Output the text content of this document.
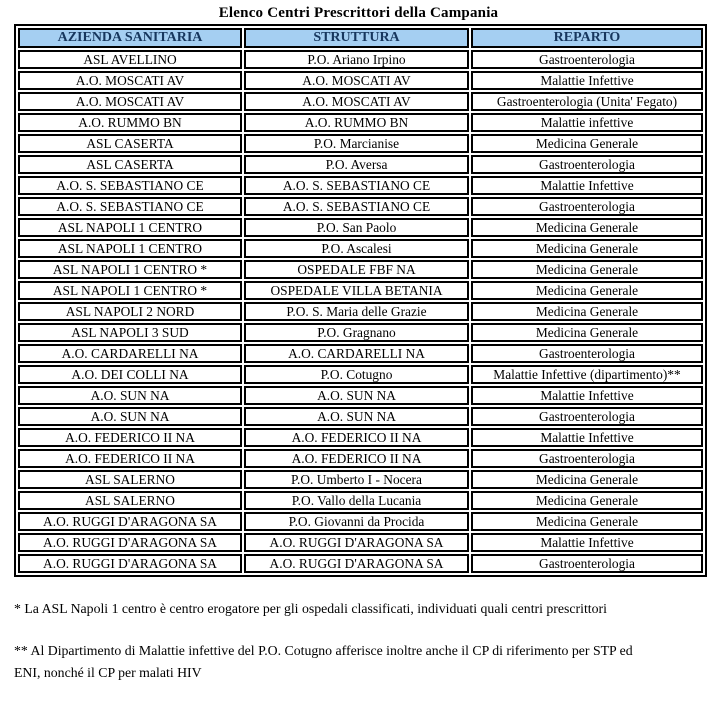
Elenco Centri Prescrittori della Campania
AZIENDA SANITARIA	STRUTTURA	REPARTO
ASL AVELLINO	P.O. Ariano Irpino	Gastroenterologia
A.O. MOSCATI AV	A.O. MOSCATI AV	Malattie Infettive
A.O. MOSCATI AV	A.O. MOSCATI AV	Gastroenterologia (Unita' Fegato)
A.O. RUMMO BN	A.O. RUMMO BN	Malattie infettive
ASL CASERTA	P.O. Marcianise	Medicina Generale
ASL CASERTA	P.O. Aversa	Gastroenterologia
A.O. S. SEBASTIANO CE	A.O. S. SEBASTIANO CE	Malattie Infettive
A.O. S. SEBASTIANO CE	A.O. S. SEBASTIANO CE	Gastroenterologia
ASL NAPOLI 1 CENTRO	P.O. San Paolo	Medicina Generale
ASL NAPOLI 1 CENTRO	P.O. Ascalesi	Medicina Generale
ASL NAPOLI 1 CENTRO *	OSPEDALE FBF NA	Medicina Generale
ASL NAPOLI 1 CENTRO *	OSPEDALE VILLA BETANIA	Medicina Generale
ASL NAPOLI 2 NORD	P.O. S. Maria delle Grazie	Medicina Generale
ASL NAPOLI 3 SUD	P.O. Gragnano	Medicina Generale
A.O. CARDARELLI NA	A.O. CARDARELLI NA	Gastroenterologia
A.O. DEI COLLI NA	P.O. Cotugno	Malattie Infettive (dipartimento)**
A.O. SUN NA	A.O. SUN NA	Malattie Infettive
A.O. SUN NA	A.O. SUN NA	Gastroenterologia
A.O. FEDERICO II NA	A.O. FEDERICO II NA	Malattie Infettive
A.O. FEDERICO II NA	A.O. FEDERICO II NA	Gastroenterologia
ASL SALERNO	P.O. Umberto I - Nocera	Medicina Generale
ASL SALERNO	P.O. Vallo della Lucania	Medicina Generale
A.O. RUGGI D'ARAGONA SA	P.O. Giovanni da Procida	Medicina Generale
A.O. RUGGI D'ARAGONA SA	A.O. RUGGI D'ARAGONA SA	Malattie Infettive
A.O. RUGGI D'ARAGONA SA	A.O. RUGGI D'ARAGONA SA	Gastroenterologia
* La ASL Napoli 1 centro è centro erogatore per gli ospedali classificati, individuati quali centri prescrittori
** Al Dipartimento di Malattie infettive del P.O. Cotugno afferisce inoltre anche il CP di riferimento per STP ed ENI, nonché il CP per malati HIV
